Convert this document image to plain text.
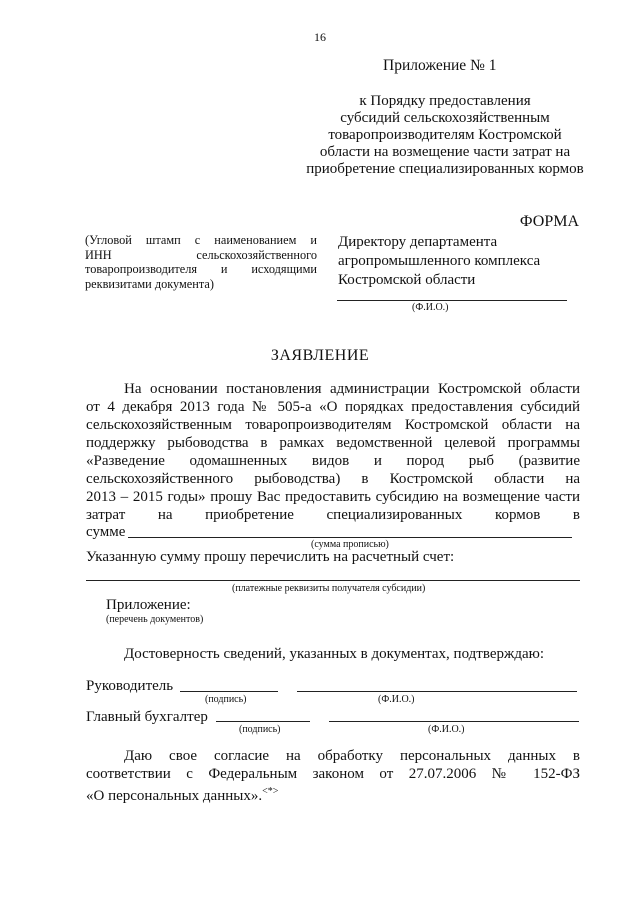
16
Приложение № 1
к Порядку предоставления
субсидий сельскохозяйственным
товаропроизводителям Костромской
области на возмещение части затрат на
приобретение специализированных кормов
ФОРМА
(Угловой штамп с наименованием и
ИНН сельскохозяйственного
товаропроизводителя и исходящими
реквизитами документа)
Директору департамента
агропромышленного комплекса
Костромской области
(Ф.И.О.)
ЗАЯВЛЕНИЕ
На основании постановления администрации Костромской области
от 4 декабря 2013 года № 505-а «О порядках предоставления субсидий
сельскохозяйственным товаропроизводителям Костромской области на
поддержку рыбоводства в рамках ведомственной целевой программы
«Разведение одомашненных видов и пород рыб (развитие
сельскохозяйственного рыбоводства) в Костромской области на
2013 – 2015 годы» прошу Вас предоставить субсидию на возмещение части
затрат на приобретение специализированных кормов в
сумме
(сумма прописью)
Указанную сумму прошу перечислить на расчетный счет:
(платежные реквизиты получателя субсидии)
Приложение:
(перечень документов)
Достоверность сведений, указанных в документах, подтверждаю:
Руководитель
(подпись)	(Ф.И.О.)
Главный бухгалтер
(подпись)	(Ф.И.О.)
Даю свое согласие на обработку персональных данных в
соответствии с Федеральным законом от 27.07.2006 № 152-ФЗ
«О персональных данных».<*>
